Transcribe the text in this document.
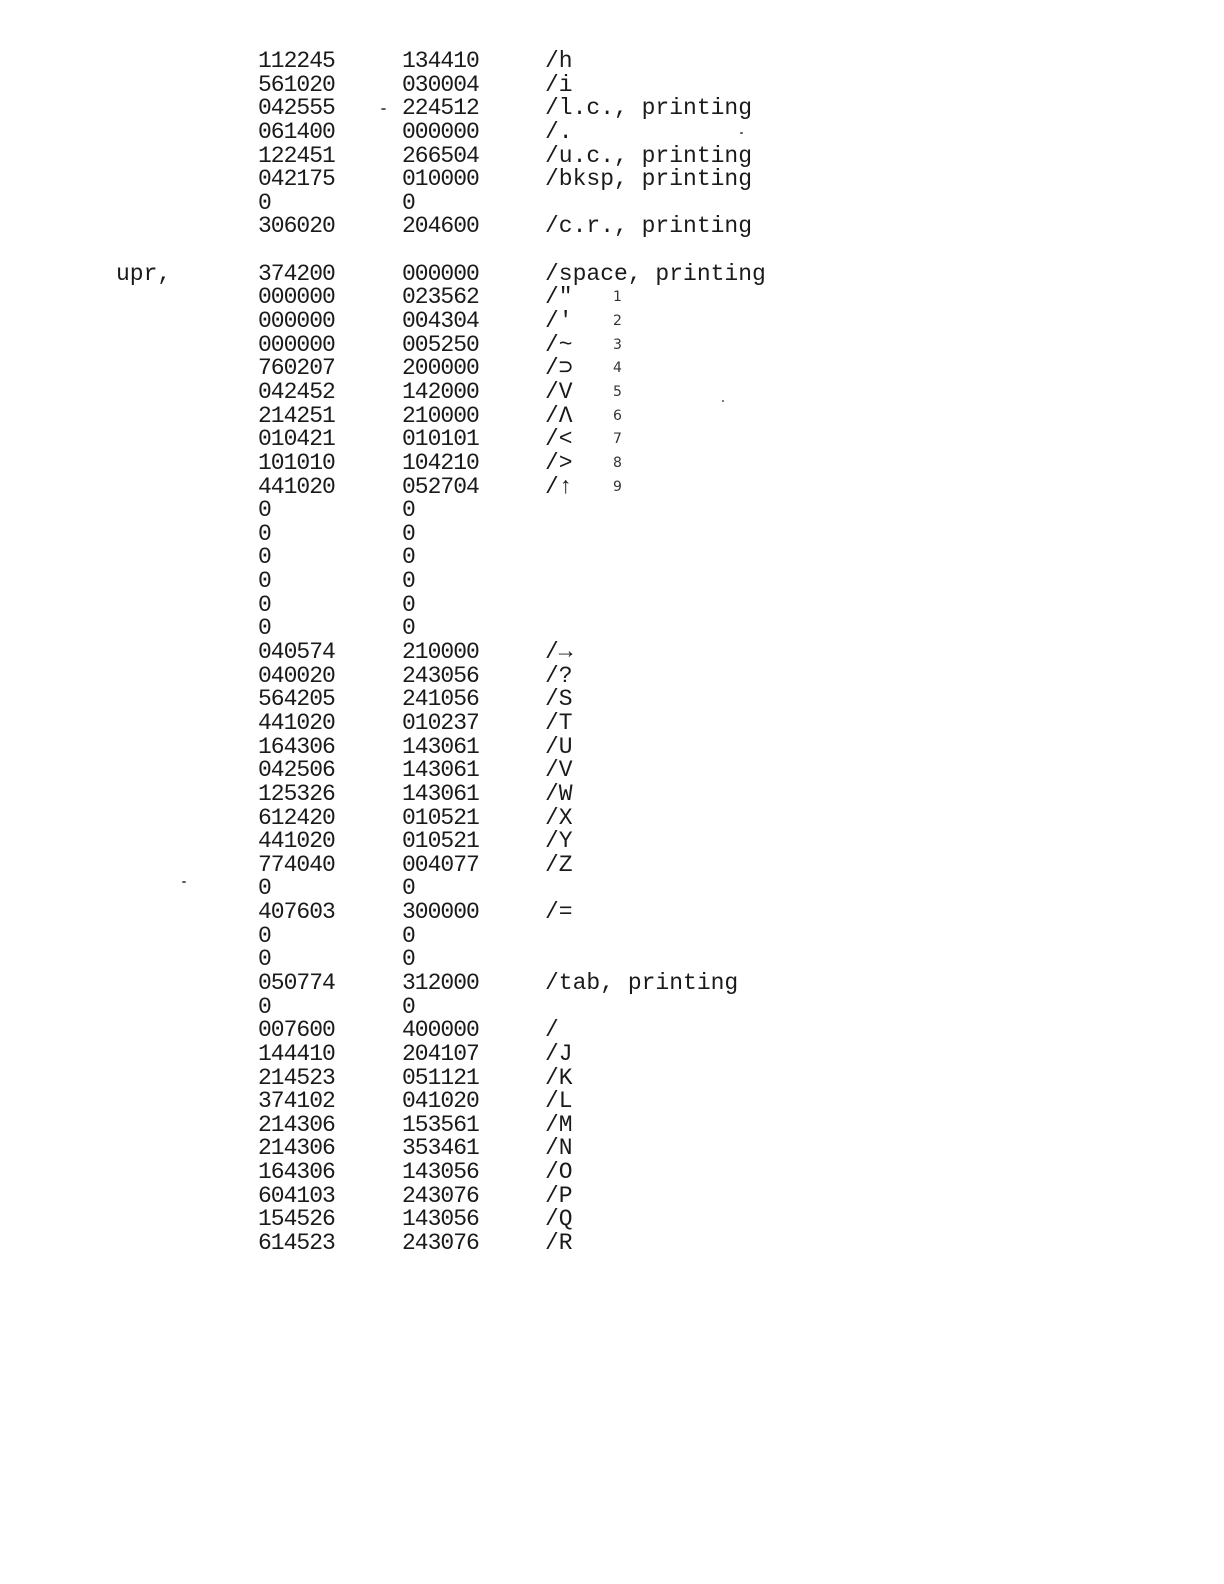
upr,
112245	134410	/h
561020	030004	/i
042555	224512	/l.c., printing
061400	000000	/.
122451	266504	/u.c., printing
042175	010000	/bksp, printing
0	0
306020	204600	/c.r., printing
374200	000000	/space, printing
000000	023562	/"	1
000000	004304	/'	2
000000	005250	/~	3
760207	200000	/⊃	4
042452	142000	/V	5
214251	210000	/Λ	6
010421	010101	/<	7
101010	104210	/>	8
441020	052704	/↑	9
0	0
0	0
0	0
0	0
0	0
0	0
040574	210000	/→
040020	243056	/?
564205	241056	/S
441020	010237	/T
164306	143061	/U
042506	143061	/V
125326	143061	/W
612420	010521	/X
441020	010521	/Y
774040	004077	/Z
0	0
407603	300000	/=
0	0
0	0
050774	312000	/tab, printing
0	0
007600	400000	/
144410	204107	/J
214523	051121	/K
374102	041020	/L
214306	153561	/M
214306	353461	/N
164306	143056	/O
604103	243076	/P
154526	143056	/Q
614523	243076	/R
